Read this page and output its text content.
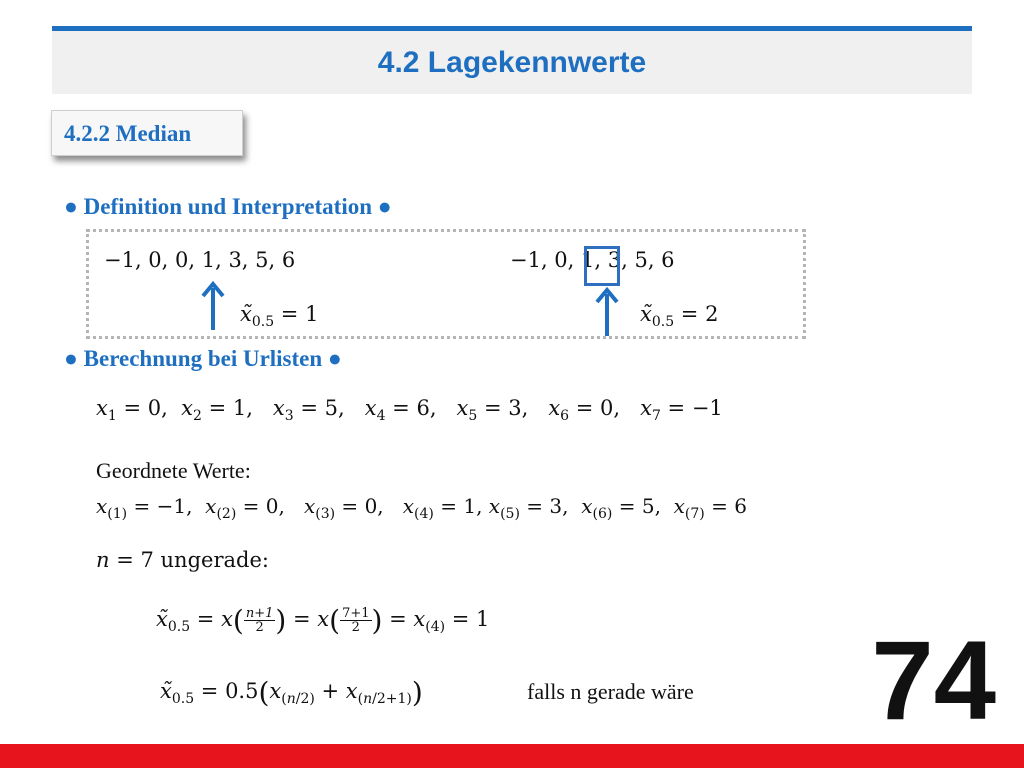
4.2 Lagekennwerte
4.2.2 Median
● Definition und Interpretation ●
−1, 0, 0, 1, 3, 5, 6	−1, 0, 1, 3, 5, 6
$x̃_{0.5} = 1$	$x̃_{0.5} = 2$
● Berechnung bei Urlisten ●
$x_1 = 0$,  $x_2 = 1$,   $x_3 = 5$,   $x_4 = 6$,   $x_5 = 3$,   $x_6 = 0$,   $x_7 = -1$
Geordnete Werte:
$x_{(1)} = -1$,  $x_{(2)} = 0$,   $x_{(3)} = 0$,   $x_{(4)} = 1$, $x_{(5)} = 3$,  $x_{(6)} = 5$,  $x_{(7)} = 6$
n = 7 ungerade:
$x̃_{0.5} = x( \frac{n+1}{2}$ ) = $x( \frac{7+1}{2}$ ) = $x_{(4)} = 1$
$x̃_{0.5} = 0.5(x_{(n/2)} + x_{(n/2+1)})$	falls n gerade wäre 74
